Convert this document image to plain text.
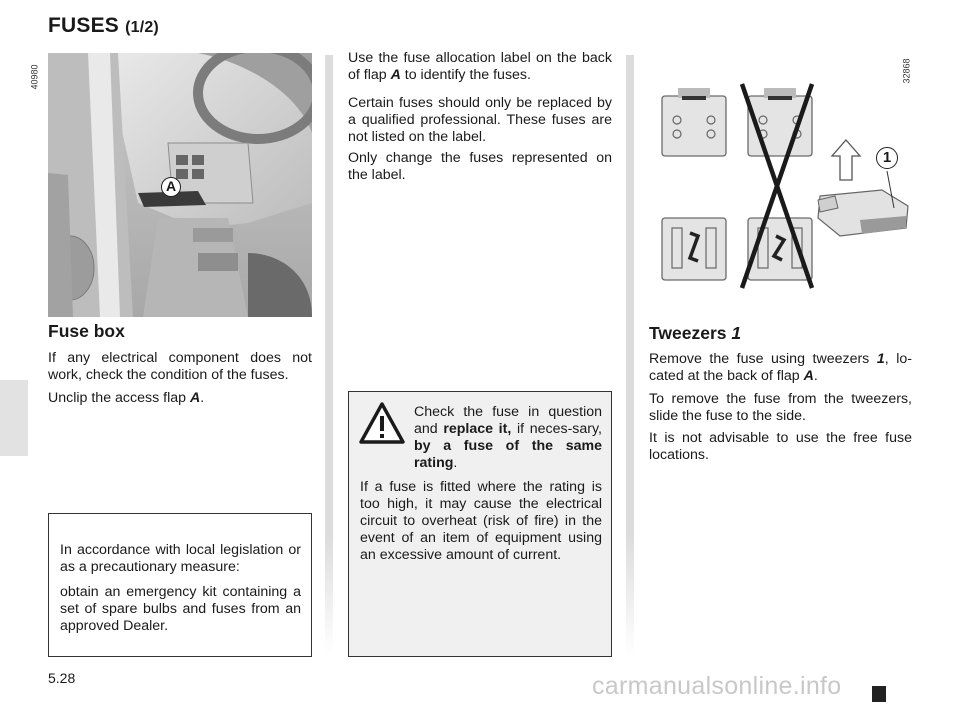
FUSES (1/2)
A
40980
Fuse box
If any electrical component does not work, check the condition of the fuses.
Unclip the access flap A.
In accordance with local legislation or as a precautionary measure:
obtain an emergency kit containing a set of spare bulbs and fuses from an approved Dealer.
Use the fuse allocation label on the back of flap A to identify the fuses.
Certain fuses should only be replaced by a qualified professional. These fuses are not listed on the label.
Only change the fuses represented on the label.
Check the fuse in question and replace it, if neces-sary, by a fuse of the same rating.
If a fuse is fitted where the rating is too high, it may cause the electrical circuit to overheat (risk of fire) in the event of an item of equipment using an excessive amount of current.
1
32868
Tweezers 1
Remove the fuse using tweezers 1, lo-cated at the back of flap A.
To remove the fuse from the tweezers, slide the fuse to the side.
It is not advisable to use the free fuse locations.
5.28	carmanualsonline.info
